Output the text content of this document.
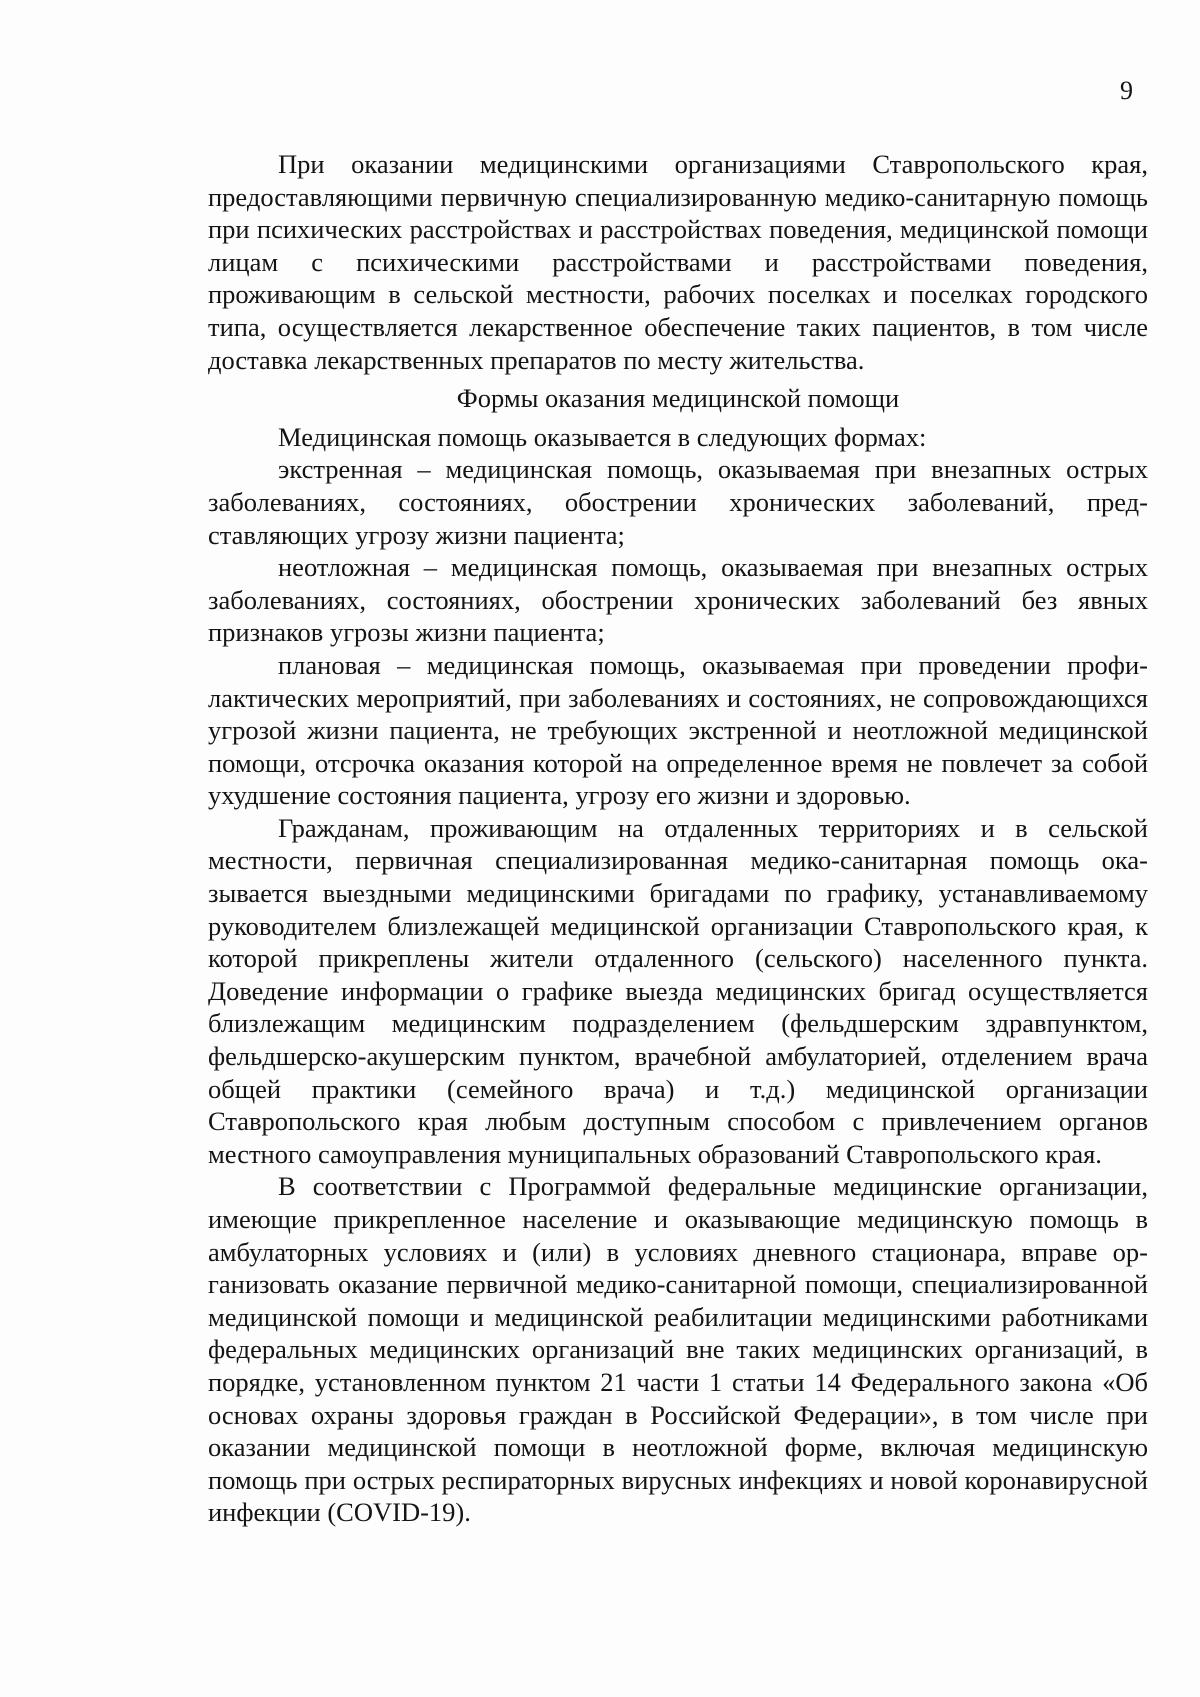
9

При оказании медицинскими организациями Ставропольского края, предоставляющими первичную специализированную медико-санитарную помощь при психических расстройствах и расстройствах поведения, медицинской помощи лицам с психическими расстройствами и расстройствами поведения, проживающим в сельской местности, рабочих поселках и поселках городского типа, осуществляется лекарственное обеспечение таких пациентов, в том числе доставка лекарственных препаратов по месту жительства.

Формы оказания медицинской помощи

Медицинская помощь оказывается в следующих формах:

экстренная – медицинская помощь, оказываемая при внезапных острых заболеваниях, состояниях, обострении хронических заболеваний, представляющих угрозу жизни пациента;

неотложная – медицинская помощь, оказываемая при внезапных острых заболеваниях, состояниях, обострении хронических заболеваний без явных признаков угрозы жизни пациента;

плановая – медицинская помощь, оказываемая при проведении профилактических мероприятий, при заболеваниях и состояниях, не сопровождающихся угрозой жизни пациента, не требующих экстренной и неотложной медицинской помощи, отсрочка оказания которой на определенное время не повлечет за собой ухудшение состояния пациента, угрозу его жизни и здоровью.

Гражданам, проживающим на отдаленных территориях и в сельской местности, первичная специализированная медико-санитарная помощь оказывается выездными медицинскими бригадами по графику, устанавливаемому руководителем близлежащей медицинской организации Ставропольского края, к которой прикреплены жители отдаленного (сельского) населенного пункта. Доведение информации о графике выезда медицинских бригад осуществляется близлежащим медицинским подразделением (фельдшерским здравпунктом, фельдшерско-акушерским пунктом, врачебной амбулаторией, отделением врача общей практики (семейного врача) и т.д.) медицинской организации Ставропольского края любым доступным способом с привлечением органов местного самоуправления муниципальных образований Ставропольского края.

В соответствии с Программой федеральные медицинские организации, имеющие прикрепленное население и оказывающие медицинскую помощь в амбулаторных условиях и (или) в условиях дневного стационара, вправе организовать оказание первичной медико-санитарной помощи, специализированной медицинской помощи и медицинской реабилитации медицинскими работниками федеральных медицинских организаций вне таких медицинских организаций, в порядке, установленном пунктом 21 части 1 статьи 14 Федерального закона «Об основах охраны здоровья граждан в Российской Федерации», в том числе при оказании медицинской помощи в неотложной форме, включая медицинскую помощь при острых респираторных вирусных инфекциях и новой коронавирусной инфекции (COVID-19).
